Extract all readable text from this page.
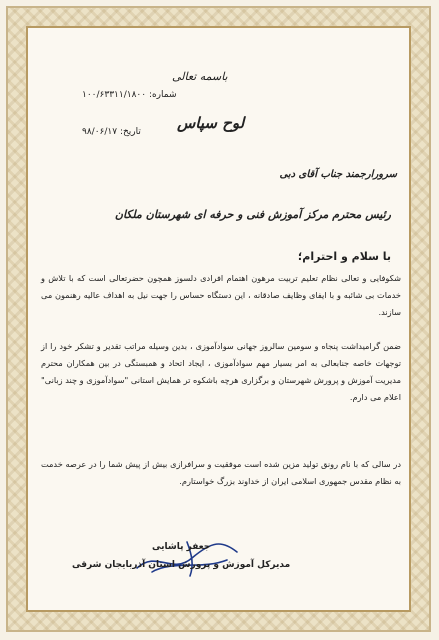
باسمه تعالی
شماره: ۱۰۰/۶۳۳۱۱/۱۸۰۰
لوح سپاس
تاریخ: ۹۸/۰۶/۱۷
سرورارجمند جناب آقای دبی
رئیس محترم مرکز آموزش فنی و حرفه ای شهرستان ملکان
با سلام و احترام؛
شکوفایی و تعالی نظام تعلیم تربیت مرهون اهتمام افرادی دلسوز همچون حضرتعالی است که با تلاش و خدمات بی شائبه و با ایفای وظایف صادقانه ، این دستگاه حساس را جهت نیل به اهداف عالیه رهنمون می سازند.
ضمن گرامیداشت پنجاه و سومین سالروز جهانی سوادآموزی ، بدین وسیله مراتب تقدیر و تشکر خود را از توجهات خاصه جنابعالی به امر بسیار مهم سوادآموزی ، ایجاد اتحاد و همبستگی در بین همکاران محترم مدیریت آموزش و پرورش شهرستان و برگزاری هرچه باشکوه تر همایش استانی "سوادآموزی و چند زبانی" اعلام می دارم.
در سالی که با نام رونق تولید مزین شده است موفقیت و سرافرازی بیش از پیش شما را در عرصه خدمت به نظام مقدس جمهوری اسلامی ایران از خداوند بزرگ خواستارم.
جعفر پاشایی
مدیرکل آموزش و پرورش استان آذربایجان شرقی
